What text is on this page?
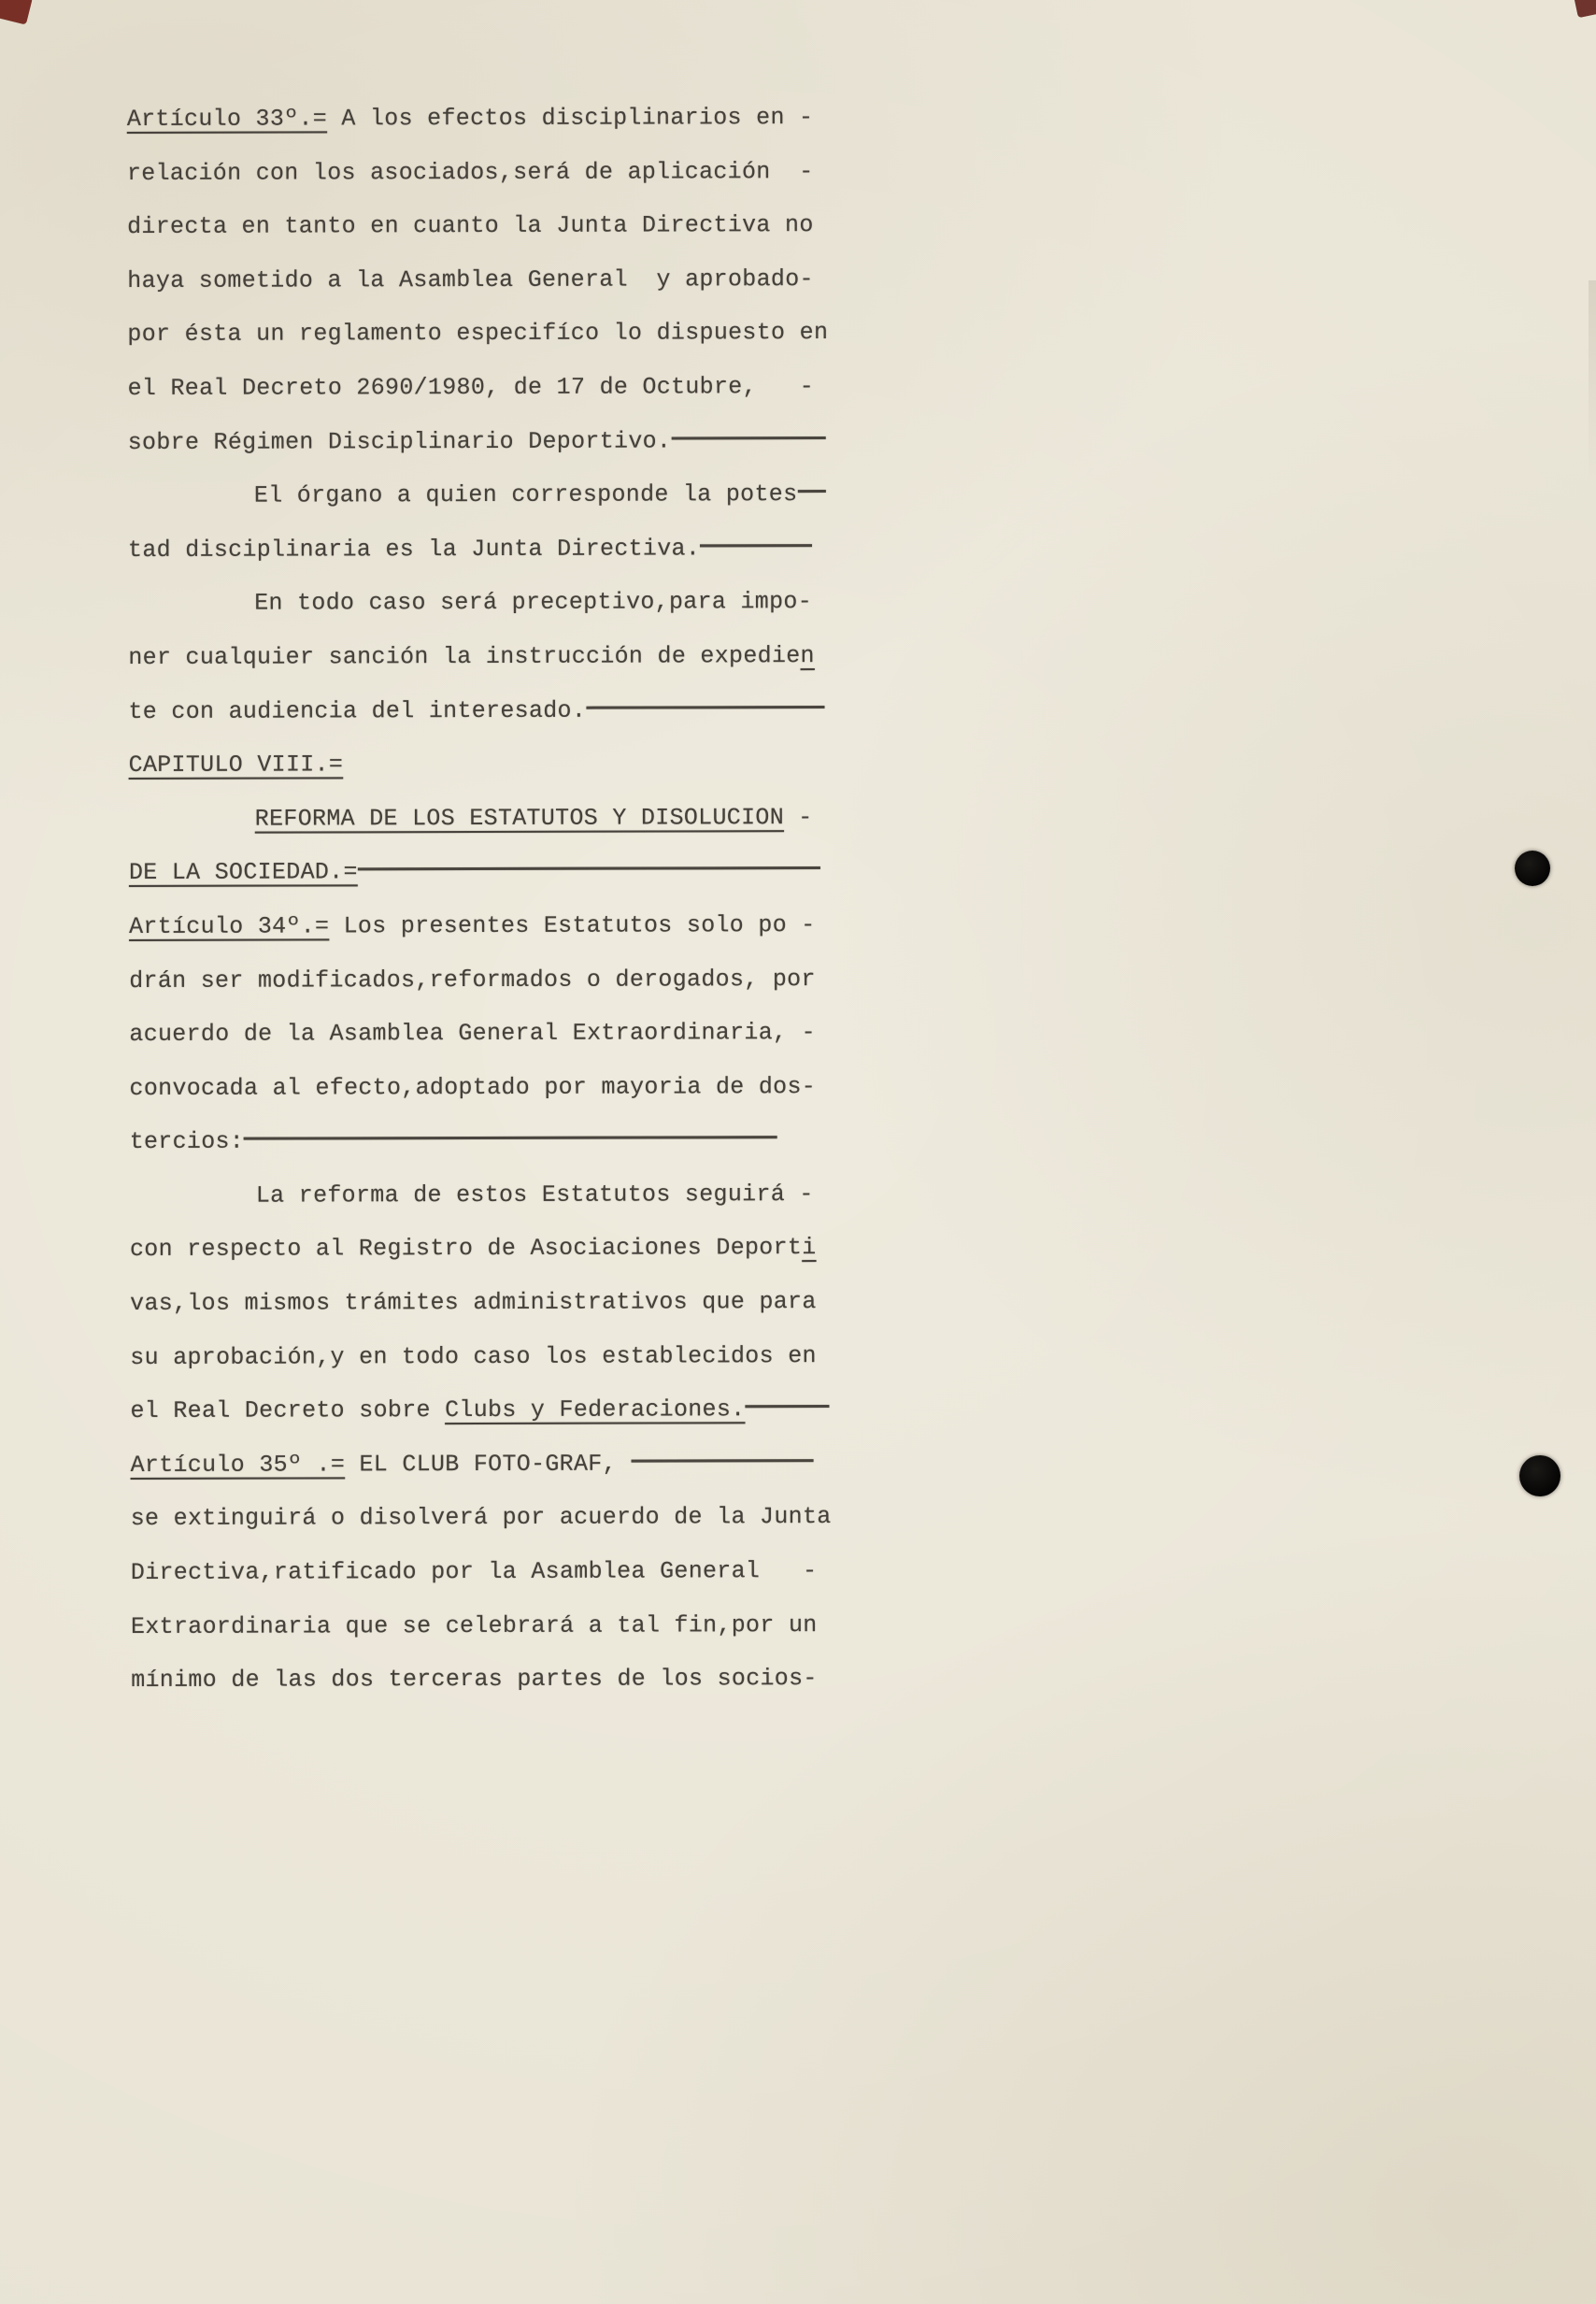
Artículo 33º.= A los efectos disciplinarios en -
relación con los asociados,será de aplicación  -
directa en tanto en cuanto la Junta Directiva no
haya sometido a la Asamblea General  y aprobado-
por ésta un reglamento especifíco lo dispuesto en
el Real Decreto 2690/1980, de 17 de Octubre,   -
sobre Régimen Disciplinario Deportivo.
El órgano a quien corresponde la potes
tad disciplinaria es la Junta Directiva.
En todo caso será preceptivo,para impo-
ner cualquier sanción la instrucción de expedien
te con audiencia del interesado.
CAPITULO VIII.=
REFORMA DE LOS ESTATUTOS Y DISOLUCION -
DE LA SOCIEDAD.=
Artículo 34º.= Los presentes Estatutos solo po -
drán ser modificados,reformados o derogados, por
acuerdo de la Asamblea General Extraordinaria, -
convocada al efecto,adoptado por mayoria de dos-
tercios:
La reforma de estos Estatutos seguirá -
con respecto al Registro de Asociaciones Deporti
vas,los mismos trámites administrativos que para
su aprobación,y en todo caso los establecidos en
el Real Decreto sobre Clubs y Federaciones.
Artículo 35º .= EL CLUB FOTO-GRAF,
se extinguirá o disolverá por acuerdo de la Junta
Directiva,ratificado por la Asamblea General   -
Extraordinaria que se celebrará a tal fin,por un
mínimo de las dos terceras partes de los socios-
